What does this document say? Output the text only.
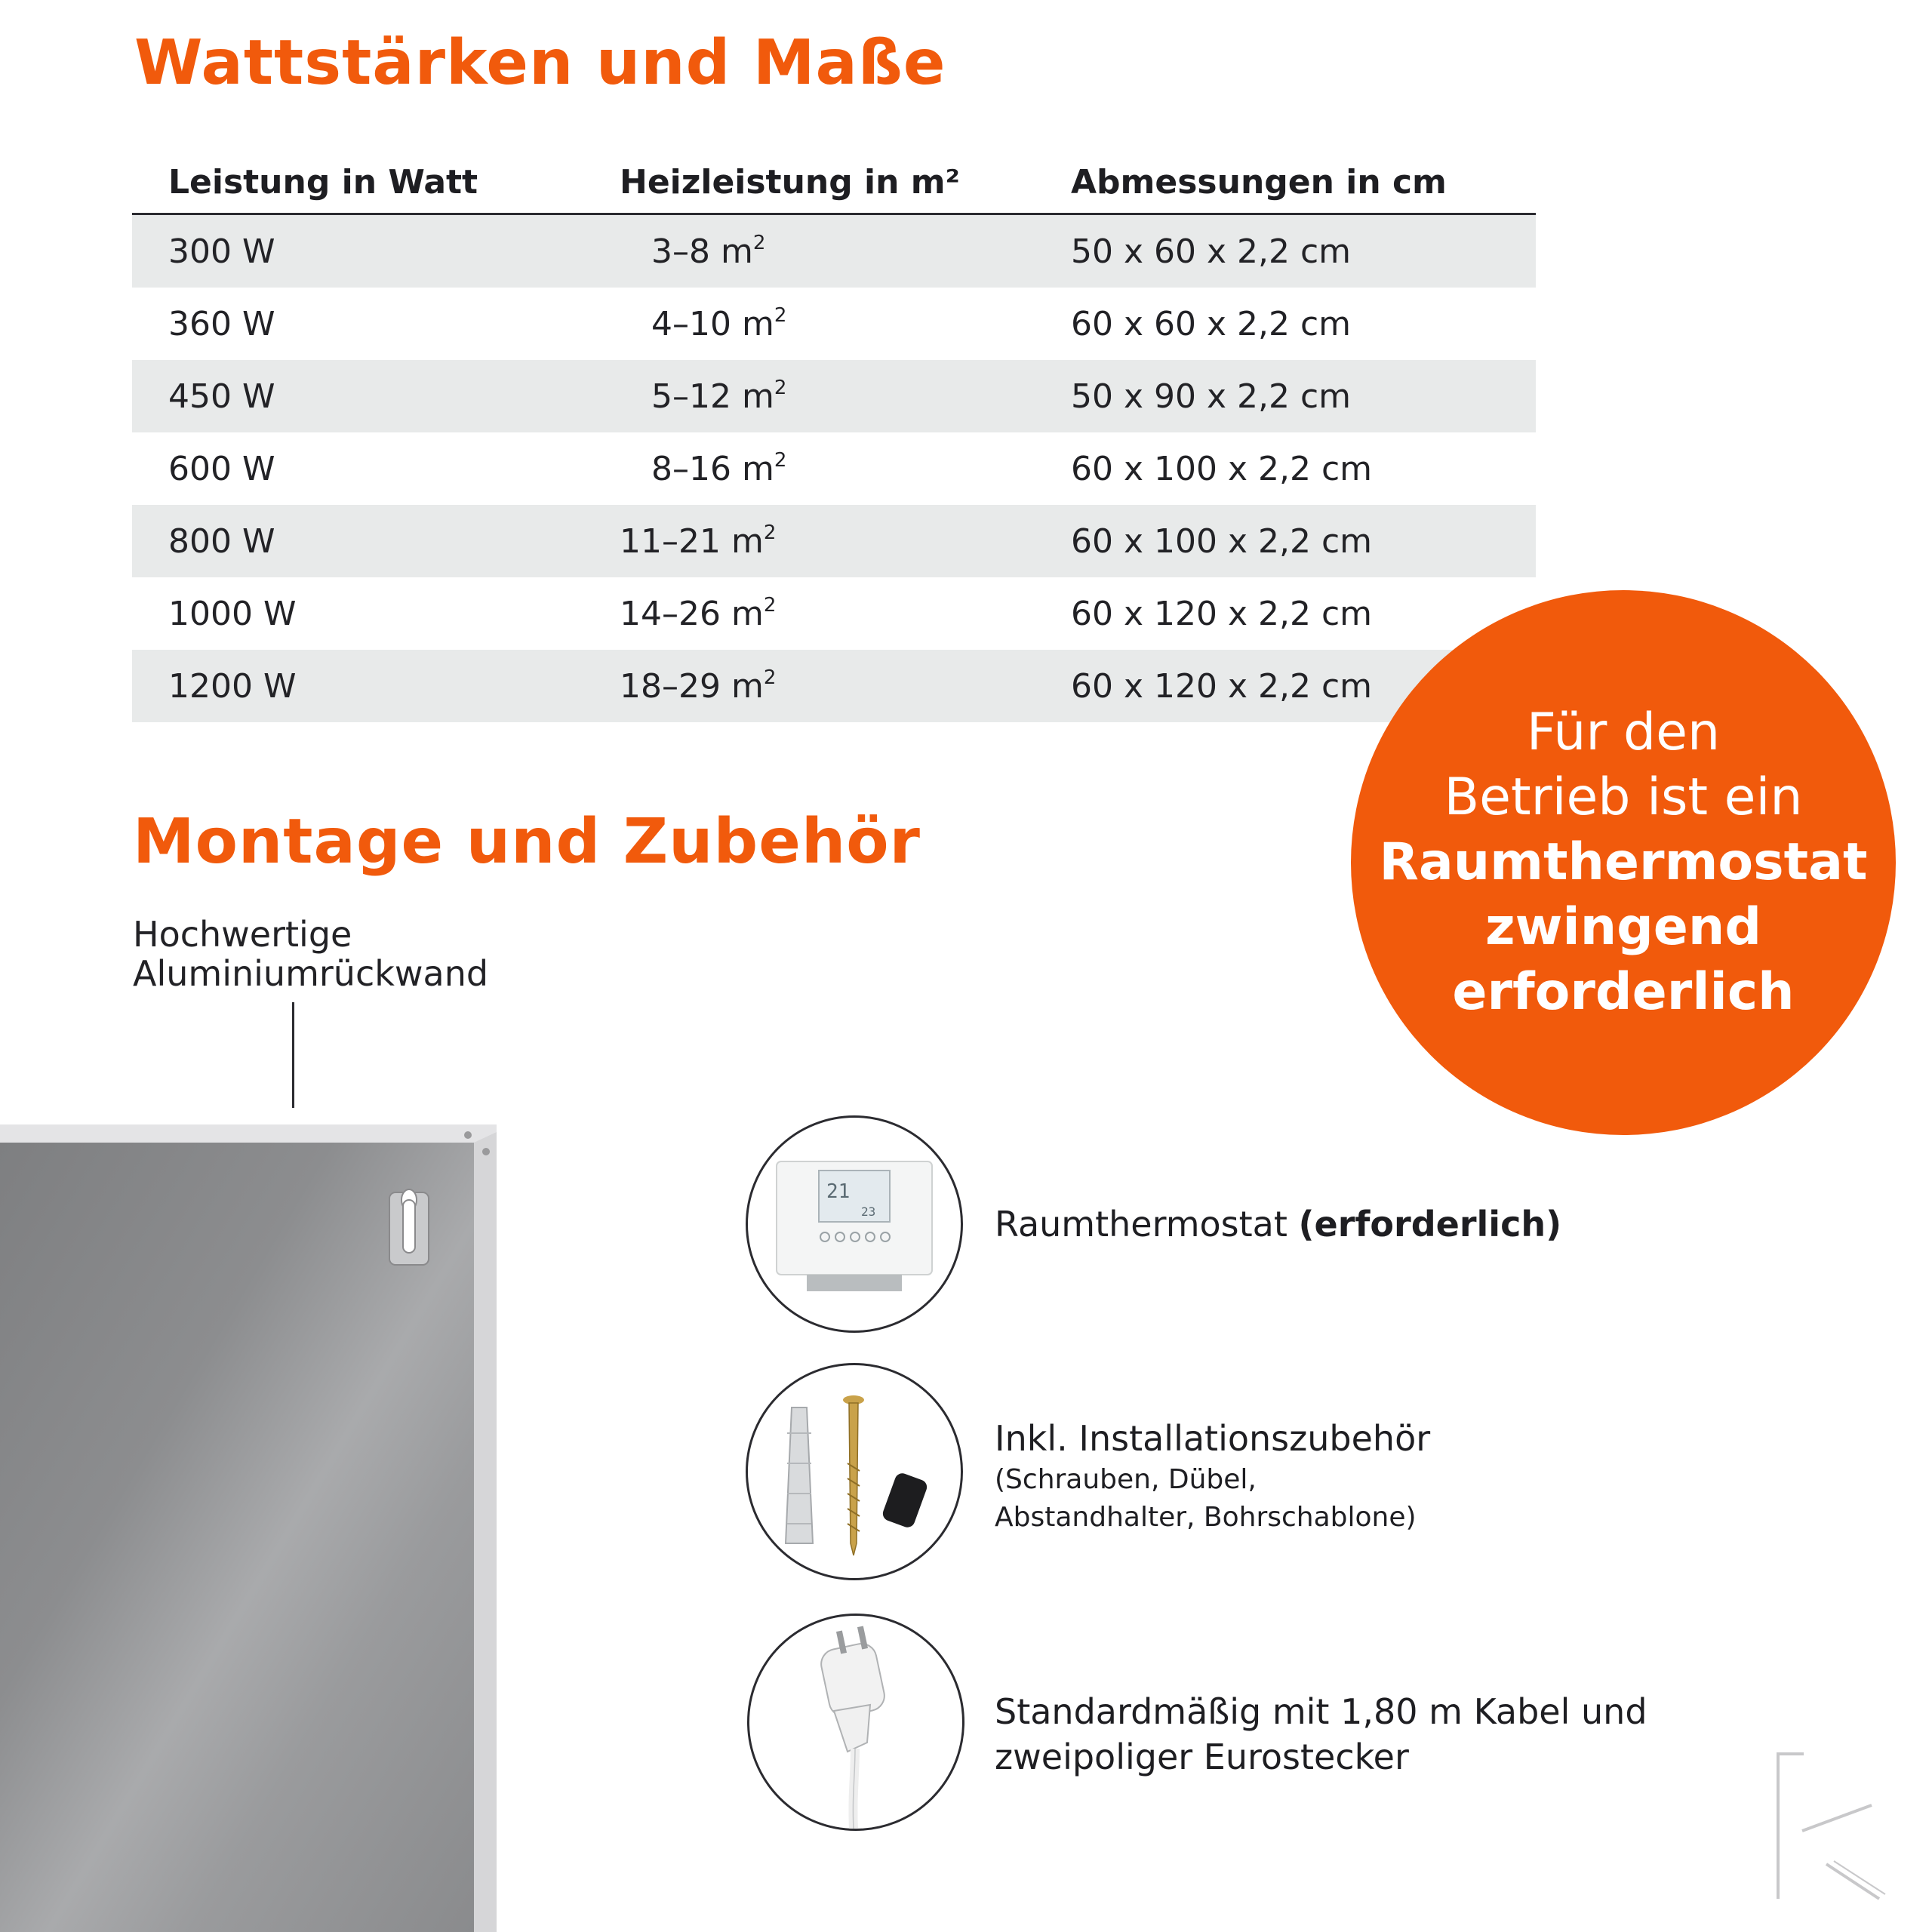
Wattstärken und Maße
Leistung in Watt	Heizleistung in m²	Abmessungen in cm
300 W	 3–8 $m^2$	50 x 60 x 2,2 cm
360 W	 4–10 $m^2$	60 x 60 x 2,2 cm
450 W	 5–12 $m^2$	50 x 90 x 2,2 cm
600 W	 8–16 $m^2$	60 x 100 x 2,2 cm
800 W	11–21 $m^2$	60 x 100 x 2,2 cm
1000 W	14–26 $m^2$	60 x 120 x 2,2 cm
1200 W	18–29 $m^2$	60 x 120 x 2,2 cm
Montage und Zubehör
Für den
Betrieb ist ein
Raumthermostat
zwingend
erforderlich
Hochwertige
Aluminiumrückwand
21
23	Raumthermostat (erforderlich)
Inkl. Installationszubehör
(Schrauben, Dübel,
Abstandhalter, Bohrschablone)
Standardmäßig mit 1,80 m Kabel und
zweipoliger Eurostecker
